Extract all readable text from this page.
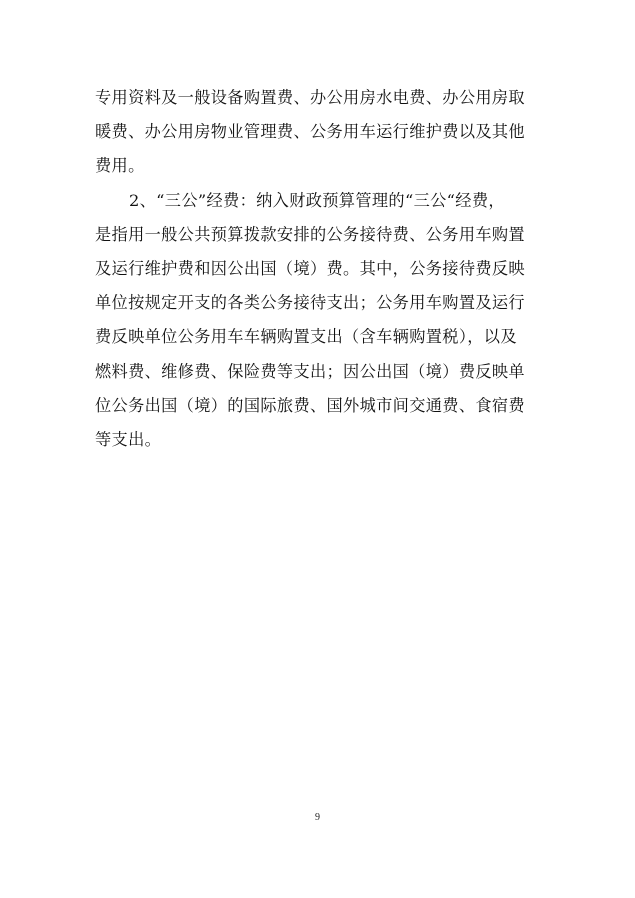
专用资料及一般设备购置费、办公用房水电费、办公用房取
暖费、办公用房物业管理费、公务用车运行维护费以及其他
费用。
2、“三公”经费：纳入财政预算管理的“三公“经费，
是指用一般公共预算拨款安排的公务接待费、公务用车购置
及运行维护费和因公出国（境）费。其中，公务接待费反映
单位按规定开支的各类公务接待支出；公务用车购置及运行
费反映单位公务用车车辆购置支出（含车辆购置税），以及
燃料费、维修费、保险费等支出；因公出国（境）费反映单
位公务出国（境）的国际旅费、国外城市间交通费、食宿费
等支出。
9
